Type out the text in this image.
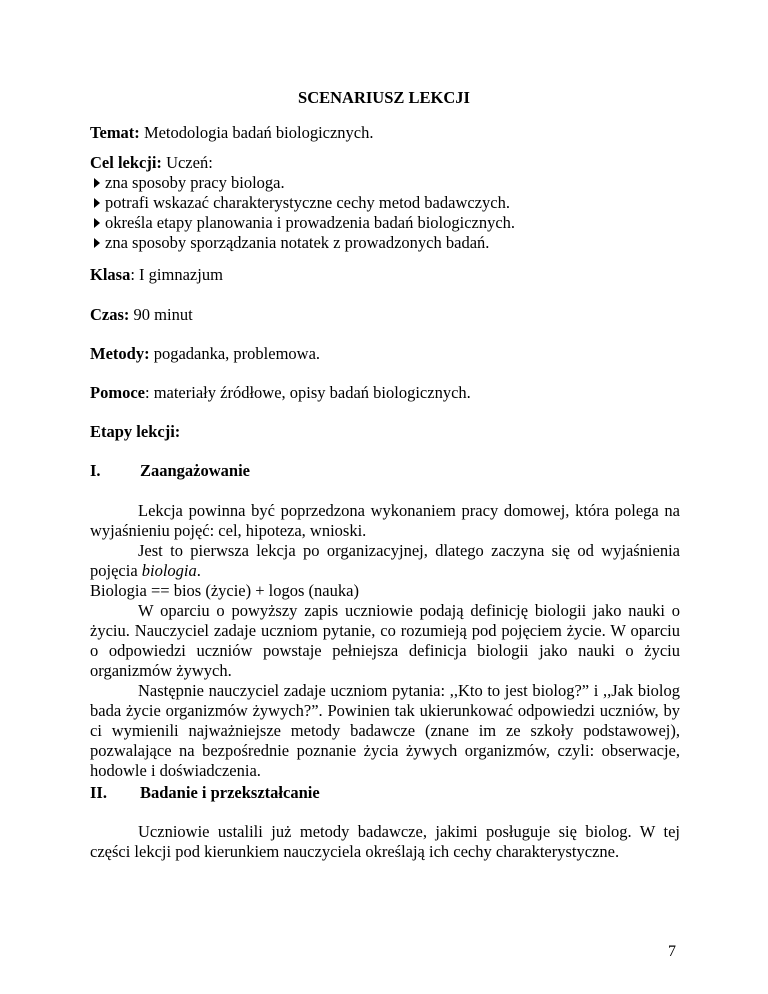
SCENARIUSZ LEKCJI
Temat: Metodologia badań biologicznych.
Cel lekcji: Uczeń:
zna sposoby pracy biologa.
potrafi wskazać charakterystyczne cechy metod badawczych.
określa etapy planowania i prowadzenia badań biologicznych.
zna sposoby sporządzania notatek z prowadzonych badań.
Klasa: I gimnazjum
Czas: 90 minut
Metody: pogadanka, problemowa.
Pomoce: materiały źródłowe, opisy badań biologicznych.
Etapy lekcji:
I. Zaangażowanie

Lekcja powinna być poprzedzona wykonaniem pracy domowej, która polega na wyjaśnieniu pojęć: cel, hipoteza, wnioski.

Jest to pierwsza lekcja po organizacyjnej, dlatego zaczyna się od wyjaśnienia pojęcia biologia.

Biologia == bios (życie) + logos (nauka)

W oparciu o powyższy zapis uczniowie podają definicję biologii jako nauki o życiu. Nauczyciel zadaje uczniom pytanie, co rozumieją pod pojęciem życie. W oparciu o odpowiedzi uczniów powstaje pełniejsza definicja biologii jako nauki o życiu organizmów żywych.

Następnie nauczyciel zadaje uczniom pytania: ,,Kto to jest biolog?” i ,,Jak biolog bada życie organizmów żywych?”. Powinien tak ukierunkować odpowiedzi uczniów, by ci wymienili najważniejsze metody badawcze (znane im ze szkoły podstawowej), pozwalające na bezpośrednie poznanie życia żywych organizmów, czyli: obserwacje, hodowle i doświadczenia.

II. Badanie i przekształcanie

Uczniowie ustalili już metody badawcze, jakimi posługuje się biolog. W tej części lekcji pod kierunkiem nauczyciela określają ich cechy charakterystyczne.

7
